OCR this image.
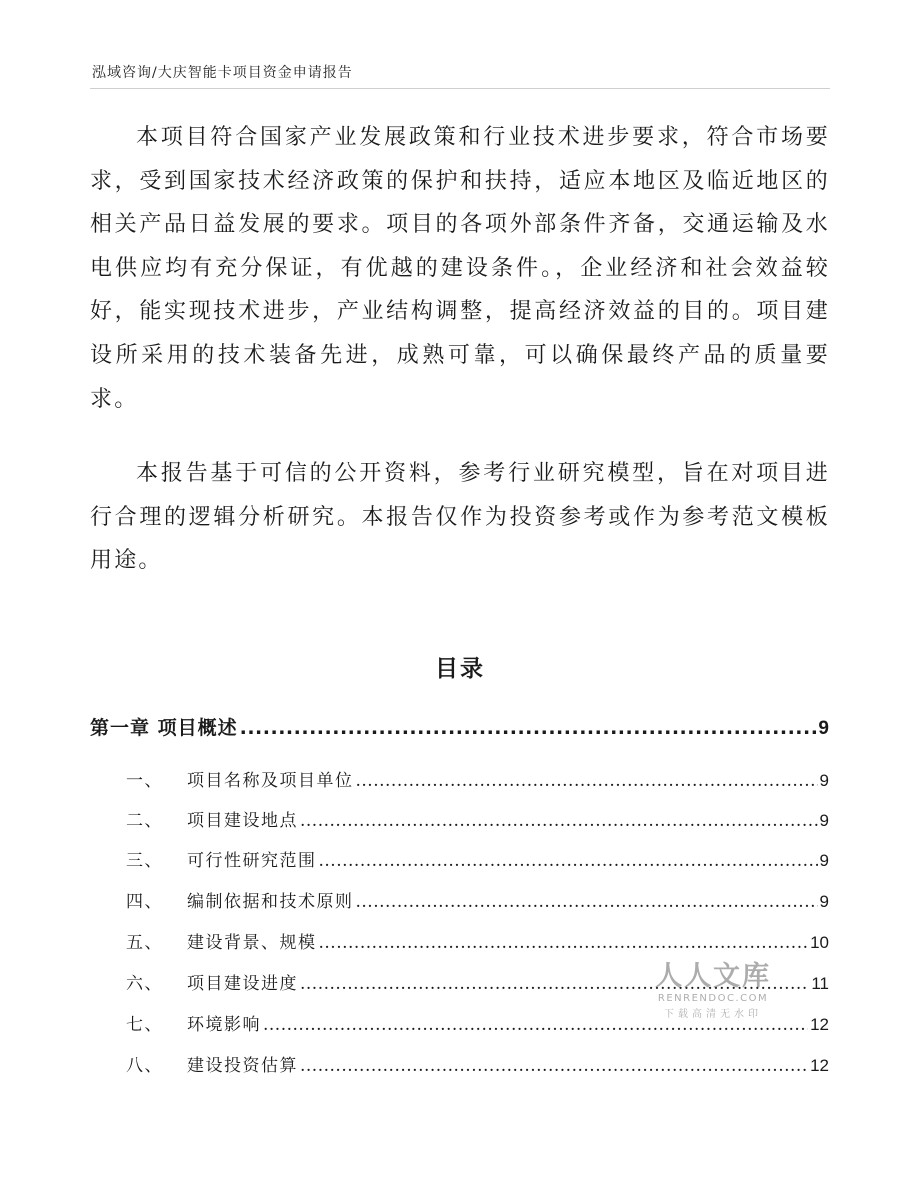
泓域咨询/大庆智能卡项目资金申请报告

本项目符合国家产业发展政策和行业技术进步要求，符合市场要求，受到国家技术经济政策的保护和扶持，适应本地区及临近地区的相关产品日益发展的要求。项目的各项外部条件齐备，交通运输及水电供应均有充分保证，有优越的建设条件。，企业经济和社会效益较好，能实现技术进步，产业结构调整，提高经济效益的目的。项目建设所采用的技术装备先进，成熟可靠，可以确保最终产品的质量要求。

本报告基于可信的公开资料，参考行业研究模型，旨在对项目进行合理的逻辑分析研究。本报告仅作为投资参考或作为参考范文模板用途。

目录
第一章 项目概述 .....	9
一、 项目名称及项目单位 .....	9
二、 项目建设地点 .....	9
三、 可行性研究范围 .....	9
四、 编制依据和技术原则 .....	9
五、 建设背景、规模 .....	10
六、 项目建设进度 .....	11
七、 环境影响 .....	12
八、 建设投资估算 .....	12
人人文库
RENRENDOC.COM
下载高清无水印
